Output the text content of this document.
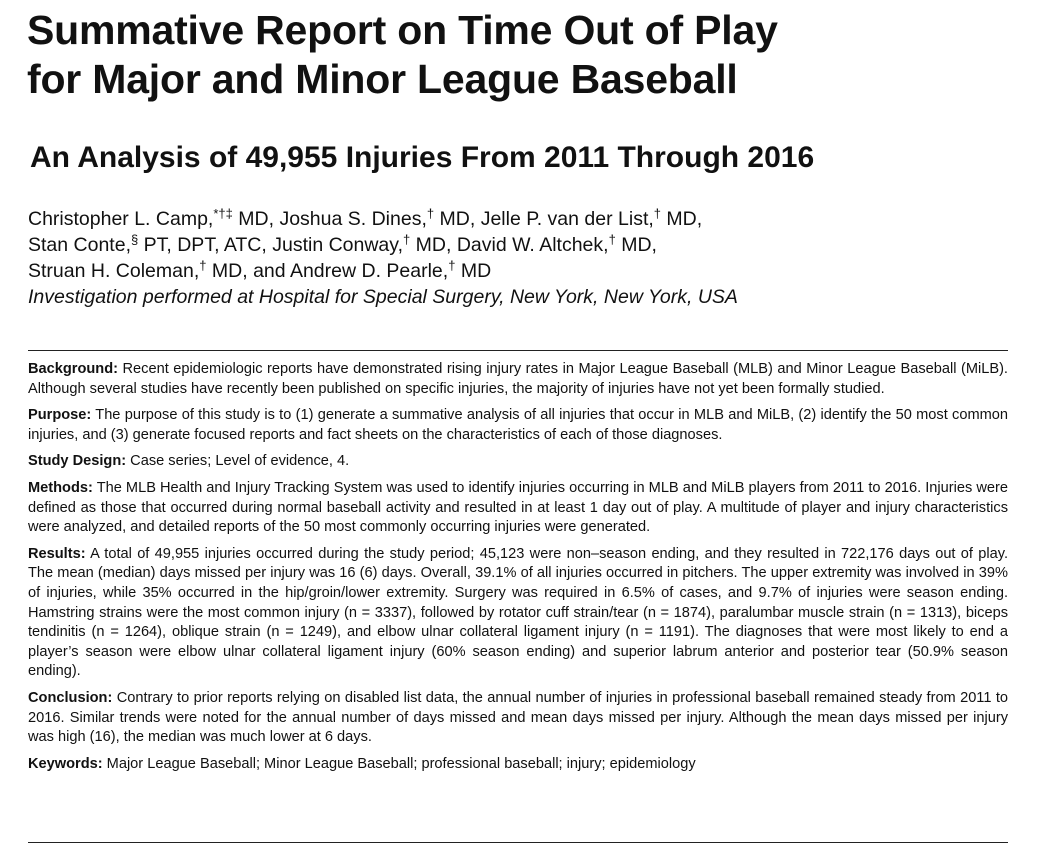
Summative Report on Time Out of Play
for Major and Minor League Baseball
An Analysis of 49,955 Injuries From 2011 Through 2016
Christopher L. Camp,*†‡ MD, Joshua S. Dines,† MD, Jelle P. van der List,† MD,
Stan Conte,§ PT, DPT, ATC, Justin Conway,† MD, David W. Altchek,† MD,
Struan H. Coleman,† MD, and Andrew D. Pearle,† MD
Investigation performed at Hospital for Special Surgery, New York, New York, USA

Background: Recent epidemiologic reports have demonstrated rising injury rates in Major League Baseball (MLB) and Minor League Baseball (MiLB). Although several studies have recently been published on specific injuries, the majority of injuries have not yet been formally studied.

Purpose: The purpose of this study is to (1) generate a summative analysis of all injuries that occur in MLB and MiLB, (2) identify the 50 most common injuries, and (3) generate focused reports and fact sheets on the characteristics of each of those diagnoses.

Study Design: Case series; Level of evidence, 4.

Methods: The MLB Health and Injury Tracking System was used to identify injuries occurring in MLB and MiLB players from 2011 to 2016. Injuries were defined as those that occurred during normal baseball activity and resulted in at least 1 day out of play. A multitude of player and injury characteristics were analyzed, and detailed reports of the 50 most commonly occurring injuries were generated.

Results: A total of 49,955 injuries occurred during the study period; 45,123 were non–season ending, and they resulted in 722,176 days out of play. The mean (median) days missed per injury was 16 (6) days. Overall, 39.1% of all injuries occurred in pitchers. The upper extremity was involved in 39% of injuries, while 35% occurred in the hip/groin/lower extremity. Surgery was required in 6.5% of cases, and 9.7% of injuries were season ending. Hamstring strains were the most common injury (n = 3337), followed by rotator cuff strain/tear (n = 1874), paralumbar muscle strain (n = 1313), biceps tendinitis (n = 1264), oblique strain (n = 1249), and elbow ulnar collateral ligament injury (n = 1191). The diagnoses that were most likely to end a player’s season were elbow ulnar collateral ligament injury (60% season ending) and superior labrum anterior and posterior tear (50.9% season ending).

Conclusion: Contrary to prior reports relying on disabled list data, the annual number of injuries in professional baseball remained steady from 2011 to 2016. Similar trends were noted for the annual number of days missed and mean days missed per injury. Although the mean days missed per injury was high (16), the median was much lower at 6 days.

Keywords: Major League Baseball; Minor League Baseball; professional baseball; injury; epidemiology
